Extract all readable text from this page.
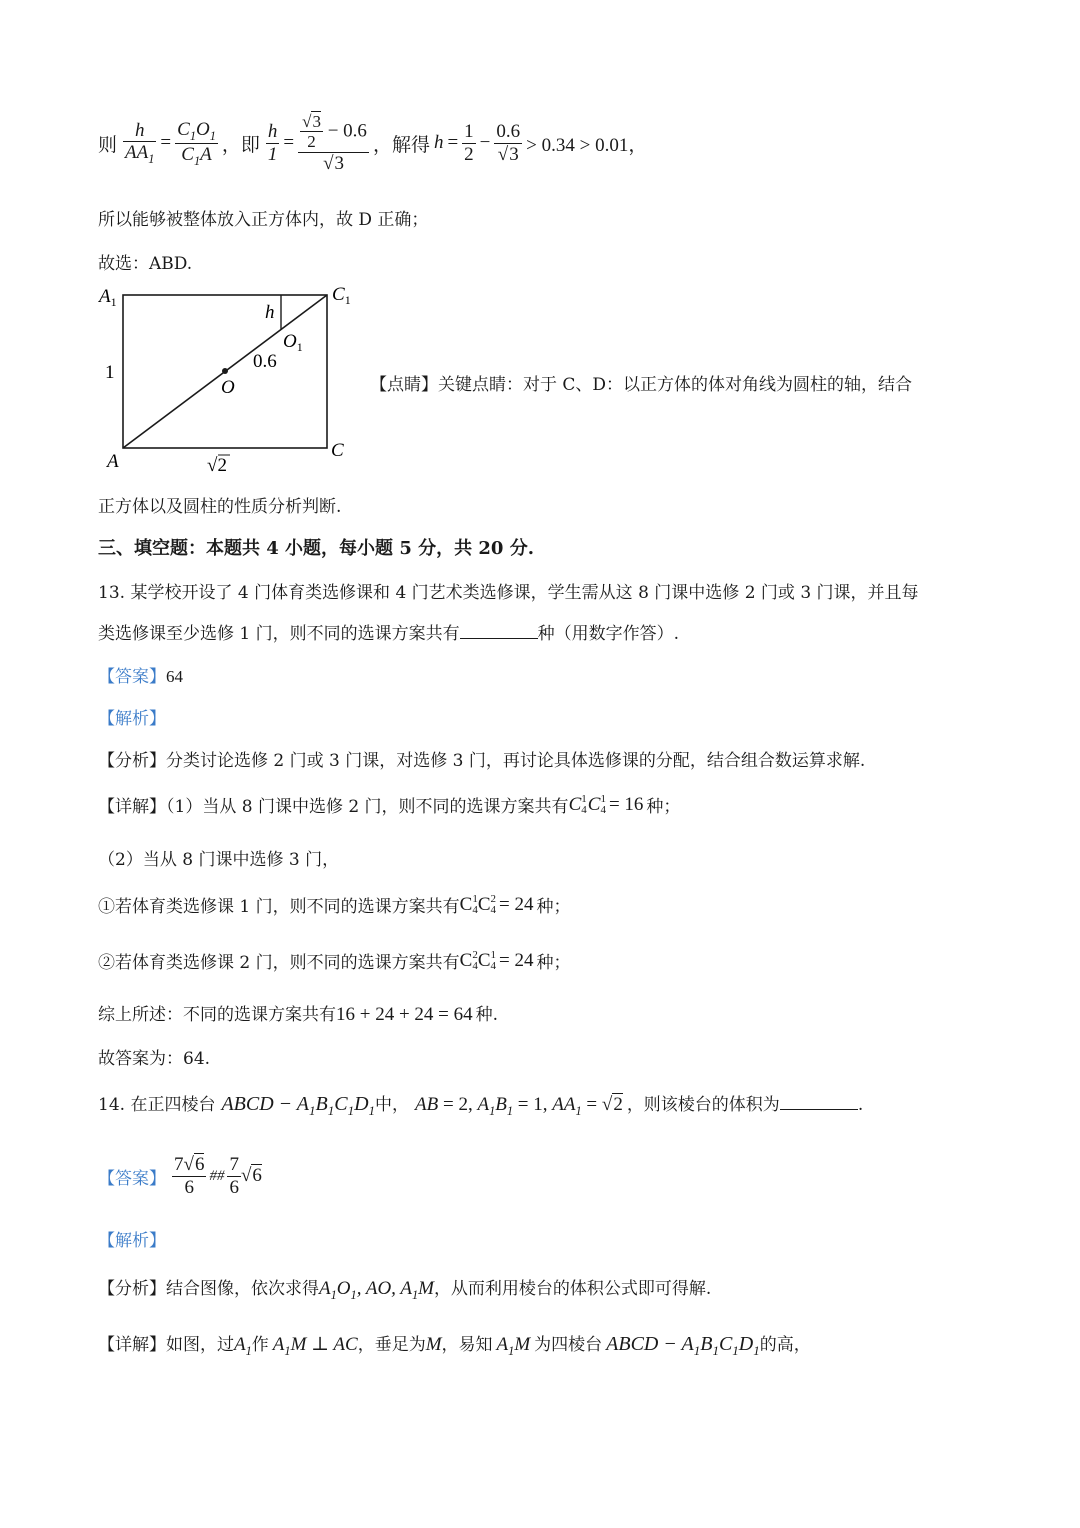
则 $\frac{h}{AA_1} = \frac{C_1O_1}{C_1A}$ ，即 $\frac{h}{1} = \frac{\frac{√3}{2} - 0.6}{√3}$ ，解得 $h = \frac{1}{2} - \frac{0.6}{√3} > 0.34 > 0.01$，
所以能够被整体放入正方体内，故 D 正确；
故选：ABD.
$A_1$	$C_1$
A
C
h
$O_1$
O
0.6
1
√2
【点睛】关键点睛：对于 C、D：以正方体的体对角线为圆柱的轴，结合
正方体以及圆柱的性质分析判断.
三、填空题：本题共 4 小题，每小题 5 分，共 20 分.
13. 某学校开设了 4 门体育类选修课和 4 门艺术类选修课，学生需从这 8 门课中选修 2 门或 3 门课，并且每
类选修课至少选修 1 门，则不同的选课方案共有	种（用数字作答）.
【答案】64
【解析】
【分析】分类讨论选修 2 门或 3 门课，对选修 3 门，再讨论具体选修课的分配，结合组合数运算求解.
【详解】（1）当从 8 门课中选修 2 门，则不同的选课方案共有 C 1
4 C 1
4 = 16 种；
（2）当从 8 门课中选修 3 门，
①若体育类选修课 1 门，则不同的选课方案共有 C 1
4 C 2
4 = 24 种；
②若体育类选修课 2 门，则不同的选课方案共有 C 2
4 C 1
4 = 24 种；
综上所述：不同的选课方案共有16 + 24 + 24 = 64 种.
故答案为：64.
14. 在正四棱台 ABCD − $A_1B_1C_1D_1$ 中， AB = 2, $A_1B_1 = 1$, $AA_1 = √2$ ，则该棱台的体积为	.
【答案】 $\frac{7√6}{6}$ ## $\frac{7}{6} √6$
【解析】
【分析】结合图像，依次求得$A_1O_1$, AO, $A_1M$，从而利用棱台的体积公式即可得解.
【详解】如图，过$A_1$作 $A_1M$ ⊥ AC，垂足为M，易知 $A_1M$ 为四棱台 ABCD − $A_1B_1C_1D_1$的高，
